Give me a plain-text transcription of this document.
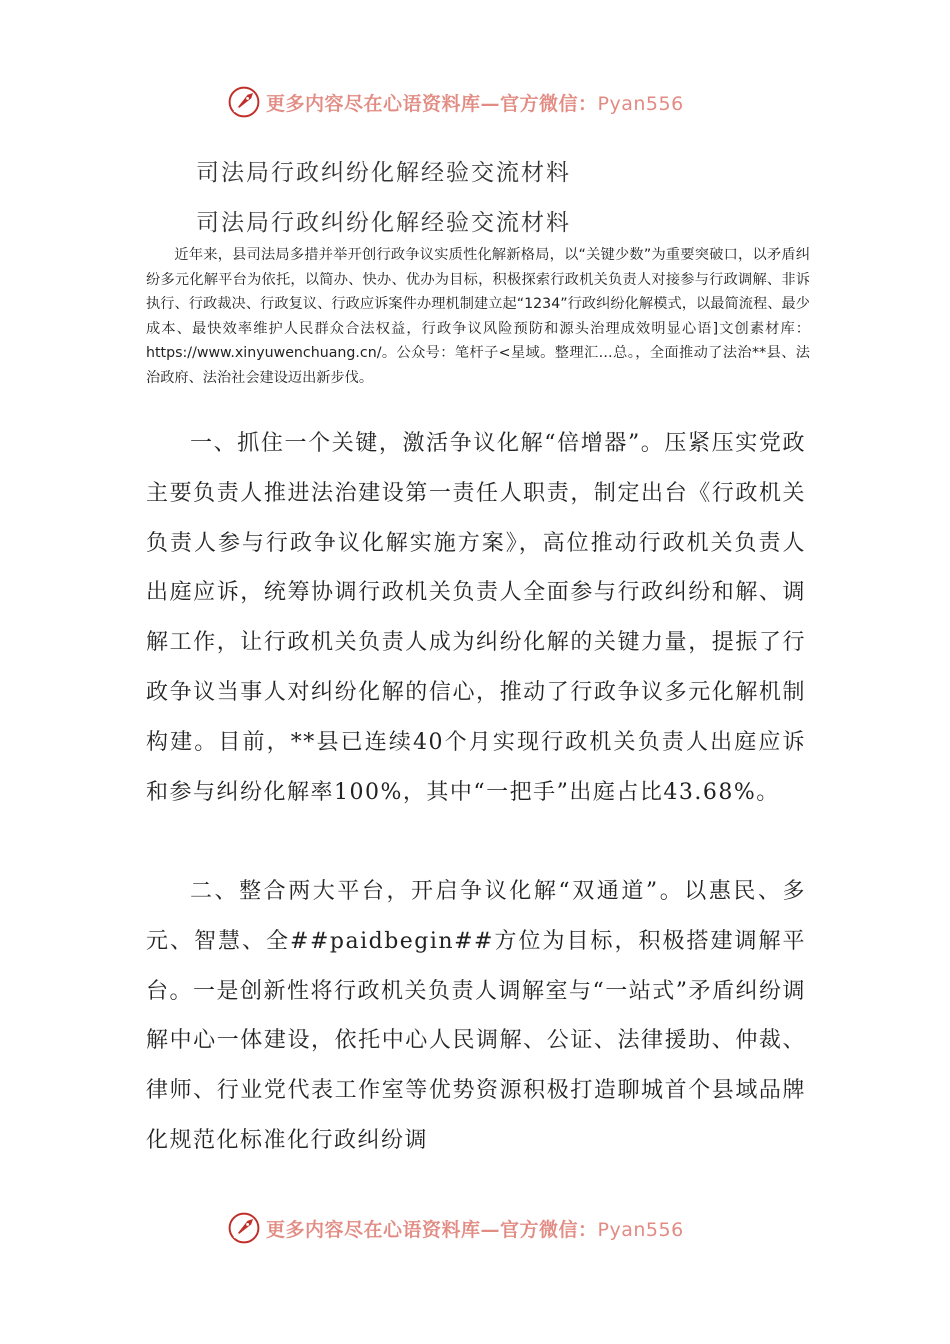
更多内容尽在心语资料库—官方微信：Pyan556
司法局行政纠纷化解经验交流材料
司法局行政纠纷化解经验交流材料
近年来，县司法局多措并举开创行政争议实质性化解新格局，以“关键少数”为重要突破口，以矛盾纠纷多元化解平台为依托，以简办、快办、优办为目标，积极探索行政机关负责人对接参与行政调解、非诉执行、行政裁决、行政复议、行政应诉案件办理机制建立起“1234”行政纠纷化解模式，以最简流程、最少成本、最快效率维护人民群众合法权益，行政争议风险预防和源头治理成效明显心语]文创素材库：https://www.xinyuwenchuang.cn/。公众号：笔杆子<星域。整理汇…总。，全面推动了法治**县、法治政府、法治社会建设迈出新步伐。

一、抓住一个关键，激活争议化解“倍增器”。压紧压实党政主要负责人推进法治建设第一责任人职责，制定出台《行政机关负责人参与行政争议化解实施方案》，高位推动行政机关负责人出庭应诉，统筹协调行政机关负责人全面参与行政纠纷和解、调解工作，让行政机关负责人成为纠纷化解的关键力量，提振了行政争议当事人对纠纷化解的信心，推动了行政争议多元化解机制构建。目前，**县已连续40个月实现行政机关负责人出庭应诉和参与纠纷化解率100%，其中“一把手”出庭占比43.68%。

二、整合两大平台，开启争议化解“双通道”。以惠民、多元、智慧、全##paidbegin##方位为目标，积极搭建调解平台。一是创新性将行政机关负责人调解室与“一站式”矛盾纠纷调解中心一体建设，依托中心人民调解、公证、法律援助、仲裁、律师、行业党代表工作室等优势资源积极打造聊城首个县域品牌化规范化标准化行政纠纷调

更多内容尽在心语资料库—官方微信：Pyan556
